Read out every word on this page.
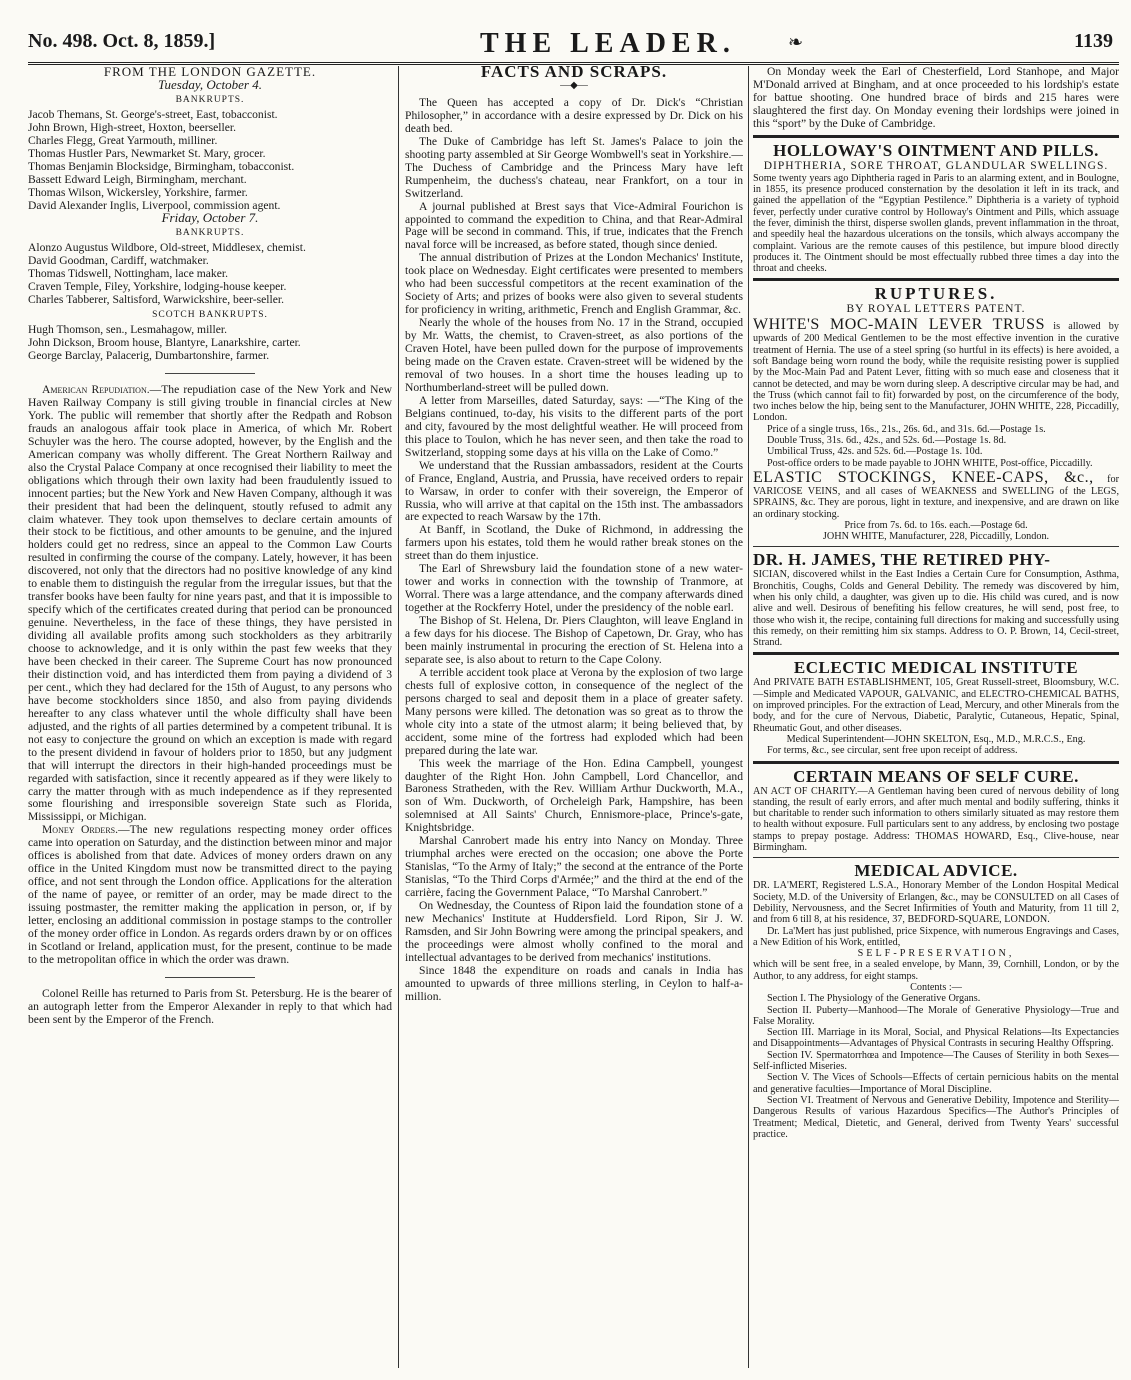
No. 498. Oct. 8, 1859.]	THE LEADER.	❧	1139

FROM THE LONDON GAZETTE.

Tuesday, October 4.

BANKRUPTS.

Jacob Themans, St. George's-street, East, tobacconist.

John Brown, High-street, Hoxton, beerseller.

Charles Flegg, Great Yarmouth, milliner.

Thomas Hustler Pars, Newmarket St. Mary, grocer.

Thomas Benjamin Blocksidge, Birmingham, tobacconist.

Bassett Edward Leigh, Birmingham, merchant.

Thomas Wilson, Wickersley, Yorkshire, farmer.

David Alexander Inglis, Liverpool, commission agent.

Friday, October 7.

BANKRUPTS.

Alonzo Augustus Wildbore, Old-street, Middlesex, chemist.

David Goodman, Cardiff, watchmaker.

Thomas Tidswell, Nottingham, lace maker.

Craven Temple, Filey, Yorkshire, lodging-house keeper.

Charles Tabberer, Saltisford, Warwickshire, beer-seller.

SCOTCH BANKRUPTS.

Hugh Thomson, sen., Lesmahagow, miller.

John Dickson, Broom house, Blantyre, Lanarkshire, carter.

George Barclay, Palacerig, Dumbartonshire, farmer.

American Repudiation.—The repudiation case of the New York and New Haven Railway Company is still giving trouble in financial circles at New York. The public will remember that shortly after the Redpath and Robson frauds an analogous affair took place in America, of which Mr. Robert Schuyler was the hero. The course adopted, however, by the English and the American company was wholly different. The Great Northern Railway and also the Crystal Palace Company at once recognised their liability to meet the obligations which through their own laxity had been fraudulently issued to innocent parties; but the New York and New Haven Company, although it was their president that had been the delinquent, stoutly refused to admit any claim whatever. They took upon themselves to declare certain amounts of their stock to be fictitious, and other amounts to be genuine, and the injured holders could get no redress, since an appeal to the Common Law Courts resulted in confirming the course of the company. Lately, however, it has been discovered, not only that the directors had no positive knowledge of any kind to enable them to distinguish the regular from the irregular issues, but that the transfer books have been faulty for nine years past, and that it is impossible to specify which of the certificates created during that period can be pronounced genuine. Nevertheless, in the face of these things, they have persisted in dividing all available profits among such stockholders as they arbitrarily choose to acknowledge, and it is only within the past few weeks that they have been checked in their career. The Supreme Court has now pronounced their distinction void, and has interdicted them from paying a dividend of 3 per cent., which they had declared for the 15th of August, to any persons who have become stockholders since 1850, and also from paying dividends hereafter to any class whatever until the whole difficulty shall have been adjusted, and the rights of all parties determined by a competent tribunal. It is not easy to conjecture the ground on which an exception is made with regard to the present dividend in favour of holders prior to 1850, but any judgment that will interrupt the directors in their high-handed proceedings must be regarded with satisfaction, since it recently appeared as if they were likely to carry the matter through with as much independence as if they represented some flourishing and irresponsible sovereign State such as Florida, Mississippi, or Michigan.

Money Orders.—The new regulations respecting money order offices came into operation on Saturday, and the distinction between minor and major offices is abolished from that date. Advices of money orders drawn on any office in the United Kingdom must now be transmitted direct to the paying office, and not sent through the London office. Applications for the alteration of the name of payee, or remitter of an order, may be made direct to the issuing postmaster, the remitter making the application in person, or, if by letter, enclosing an additional commission in postage stamps to the controller of the money order office in London. As regards orders drawn by or on offices in Scotland or Ireland, application must, for the present, continue to be made to the metropolitan office in which the order was drawn.

Colonel Reille has returned to Paris from St. Petersburg. He is the bearer of an autograph letter from the Emperor Alexander in reply to that which had been sent by the Emperor of the French.

FACTS AND SCRAPS.

—◆—

The Queen has accepted a copy of Dr. Dick's “Christian Philosopher,” in accordance with a desire expressed by Dr. Dick on his death bed.

The Duke of Cambridge has left St. James's Palace to join the shooting party assembled at Sir George Wombwell's seat in Yorkshire.—The Duchess of Cambridge and the Princess Mary have left Rumpenheim, the duchess's chateau, near Frankfort, on a tour in Switzerland.

A journal published at Brest says that Vice-Admiral Fourichon is appointed to command the expedition to China, and that Rear-Admiral Page will be second in command. This, if true, indicates that the French naval force will be increased, as before stated, though since denied.

The annual distribution of Prizes at the London Mechanics' Institute, took place on Wednesday. Eight certificates were presented to members who had been successful competitors at the recent examination of the Society of Arts; and prizes of books were also given to several students for proficiency in writing, arithmetic, French and English Grammar, &c.

Nearly the whole of the houses from No. 17 in the Strand, occupied by Mr. Watts, the chemist, to Craven-street, as also portions of the Craven Hotel, have been pulled down for the purpose of improvements being made on the Craven estate. Craven-street will be widened by the removal of two houses. In a short time the houses leading up to Northumberland-street will be pulled down.

A letter from Marseilles, dated Saturday, says: —“The King of the Belgians continued, to-day, his visits to the different parts of the port and city, favoured by the most delightful weather. He will proceed from this place to Toulon, which he has never seen, and then take the road to Switzerland, stopping some days at his villa on the Lake of Como.”

We understand that the Russian ambassadors, resident at the Courts of France, England, Austria, and Prussia, have received orders to repair to Warsaw, in order to confer with their sovereign, the Emperor of Russia, who will arrive at that capital on the 15th inst. The ambassadors are expected to reach Warsaw by the 17th.

At Banff, in Scotland, the Duke of Richmond, in addressing the farmers upon his estates, told them he would rather break stones on the street than do them injustice.

The Earl of Shrewsbury laid the foundation stone of a new water-tower and works in connection with the township of Tranmore, at Worral. There was a large attendance, and the company afterwards dined together at the Rockferry Hotel, under the presidency of the noble earl.

The Bishop of St. Helena, Dr. Piers Claughton, will leave England in a few days for his diocese. The Bishop of Capetown, Dr. Gray, who has been mainly instrumental in procuring the erection of St. Helena into a separate see, is also about to return to the Cape Colony.

A terrible accident took place at Verona by the explosion of two large chests full of explosive cotton, in consequence of the neglect of the persons charged to seal and deposit them in a place of greater safety. Many persons were killed. The detonation was so great as to throw the whole city into a state of the utmost alarm; it being believed that, by accident, some mine of the fortress had exploded which had been prepared during the late war.

This week the marriage of the Hon. Edina Campbell, youngest daughter of the Right Hon. John Campbell, Lord Chancellor, and Baroness Stratheden, with the Rev. William Arthur Duckworth, M.A., son of Wm. Duckworth, of Orcheleigh Park, Hampshire, has been solemnised at All Saints' Church, Ennismore-place, Prince's-gate, Knightsbridge.

Marshal Canrobert made his entry into Nancy on Monday. Three triumphal arches were erected on the occasion; one above the Porte Stanislas, “To the Army of Italy;” the second at the entrance of the Porte Stanislas, “To the Third Corps d'Armée;” and the third at the end of the carrière, facing the Government Palace, “To Marshal Canrobert.”

On Wednesday, the Countess of Ripon laid the foundation stone of a new Mechanics' Institute at Huddersfield. Lord Ripon, Sir J. W. Ramsden, and Sir John Bowring were among the principal speakers, and the proceedings were almost wholly confined to the moral and intellectual advantages to be derived from mechanics' institutions.

Since 1848 the expenditure on roads and canals in India has amounted to upwards of three millions sterling, in Ceylon to half-a-million.

On Monday week the Earl of Chesterfield, Lord Stanhope, and Major M'Donald arrived at Bingham, and at once proceeded to his lordship's estate for battue shooting. One hundred brace of birds and 215 hares were slaughtered the first day. On Monday evening their lordships were joined in this “sport” by the Duke of Cambridge.

HOLLOWAY'S OINTMENT AND PILLS.

DIPHTHERIA, SORE THROAT, GLANDULAR SWELLINGS.

Some twenty years ago Diphtheria raged in Paris to an alarming extent, and in Boulogne, in 1855, its presence produced consternation by the desolation it left in its track, and gained the appellation of the “Egyptian Pestilence.” Diphtheria is a variety of typhoid fever, perfectly under curative control by Holloway's Ointment and Pills, which assuage the fever, diminish the thirst, disperse swollen glands, prevent inflammation in the throat, and speedily heal the hazardous ulcerations on the tonsils, which always accompany the complaint. Various are the remote causes of this pestilence, but impure blood directly produces it. The Ointment should be most effectually rubbed three times a day into the throat and cheeks.

RUPTURES.

BY ROYAL LETTERS PATENT.

WHITE'S MOC-MAIN LEVER TRUSS is allowed by upwards of 200 Medical Gentlemen to be the most effective invention in the curative treatment of Hernia. The use of a steel spring (so hurtful in its effects) is here avoided, a soft Bandage being worn round the body, while the requisite resisting power is supplied by the Moc-Main Pad and Patent Lever, fitting with so much ease and closeness that it cannot be detected, and may be worn during sleep. A descriptive circular may be had, and the Truss (which cannot fail to fit) forwarded by post, on the circumference of the body, two inches below the hip, being sent to the Manufacturer, JOHN WHITE, 228, Piccadilly, London.

Price of a single truss, 16s., 21s., 26s. 6d., and 31s. 6d.—Postage 1s.

Double Truss, 31s. 6d., 42s., and 52s. 6d.—Postage 1s. 8d.

Umbilical Truss, 42s. and 52s. 6d.—Postage 1s. 10d.

Post-office orders to be made payable to JOHN WHITE, Post-office, Piccadilly.

ELASTIC STOCKINGS, KNEE-CAPS, &c., for VARICOSE VEINS, and all cases of WEAKNESS and SWELLING of the LEGS, SPRAINS, &c. They are porous, light in texture, and inexpensive, and are drawn on like an ordinary stocking.

Price from 7s. 6d. to 16s. each.—Postage 6d.

JOHN WHITE, Manufacturer, 228, Piccadilly, London.

DR. H. JAMES, THE RETIRED PHY-

SICIAN, discovered whilst in the East Indies a Certain Cure for Consumption, Asthma, Bronchitis, Coughs, Colds and General Debility. The remedy was discovered by him, when his only child, a daughter, was given up to die. His child was cured, and is now alive and well. Desirous of benefiting his fellow creatures, he will send, post free, to those who wish it, the recipe, containing full directions for making and successfully using this remedy, on their remitting him six stamps. Address to O. P. Brown, 14, Cecil-street, Strand.

ECLECTIC MEDICAL INSTITUTE

And PRIVATE BATH ESTABLISHMENT, 105, Great Russell-street, Bloomsbury, W.C.—Simple and Medicated VAPOUR, GALVANIC, and ELECTRO-CHEMICAL BATHS, on improved principles. For the extraction of Lead, Mercury, and other Minerals from the body, and for the cure of Nervous, Diabetic, Paralytic, Cutaneous, Hepatic, Spinal, Rheumatic Gout, and other diseases.

Medical Superintendent—JOHN SKELTON, Esq., M.D., M.R.C.S., Eng.

For terms, &c., see circular, sent free upon receipt of address.

CERTAIN MEANS OF SELF CURE.

AN ACT OF CHARITY.—A Gentleman having been cured of nervous debility of long standing, the result of early errors, and after much mental and bodily suffering, thinks it but charitable to render such information to others similarly situated as may restore them to health without exposure. Full particulars sent to any address, by enclosing two postage stamps to prepay postage. Address: THOMAS HOWARD, Esq., Clive-house, near Birmingham.

MEDICAL ADVICE.

DR. LA'MERT, Registered L.S.A., Honorary Member of the London Hospital Medical Society, M.D. of the University of Erlangen, &c., may be CONSULTED on all Cases of Debility, Nervousness, and the Secret Infirmities of Youth and Maturity, from 11 till 2, and from 6 till 8, at his residence, 37, BEDFORD-SQUARE, LONDON.

Dr. La'Mert has just published, price Sixpence, with numerous Engravings and Cases, a New Edition of his Work, entitled,

SELF-PRESERVATION,

which will be sent free, in a sealed envelope, by Mann, 39, Cornhill, London, or by the Author, to any address, for eight stamps.

Contents :—

Section I. The Physiology of the Generative Organs.

Section II. Puberty—Manhood—The Morale of Generative Physiology—True and False Morality.

Section III. Marriage in its Moral, Social, and Physical Relations—Its Expectancies and Disappointments—Advantages of Physical Contrasts in securing Healthy Offspring.

Section IV. Spermatorrhœa and Impotence—The Causes of Sterility in both Sexes—Self-inflicted Miseries.

Section V. The Vices of Schools—Effects of certain pernicious habits on the mental and generative faculties—Importance of Moral Discipline.

Section VI. Treatment of Nervous and Generative Debility, Impotence and Sterility—Dangerous Results of various Hazardous Specifics—The Author's Principles of Treatment; Medical, Dietetic, and General, derived from Twenty Years' successful practice.
